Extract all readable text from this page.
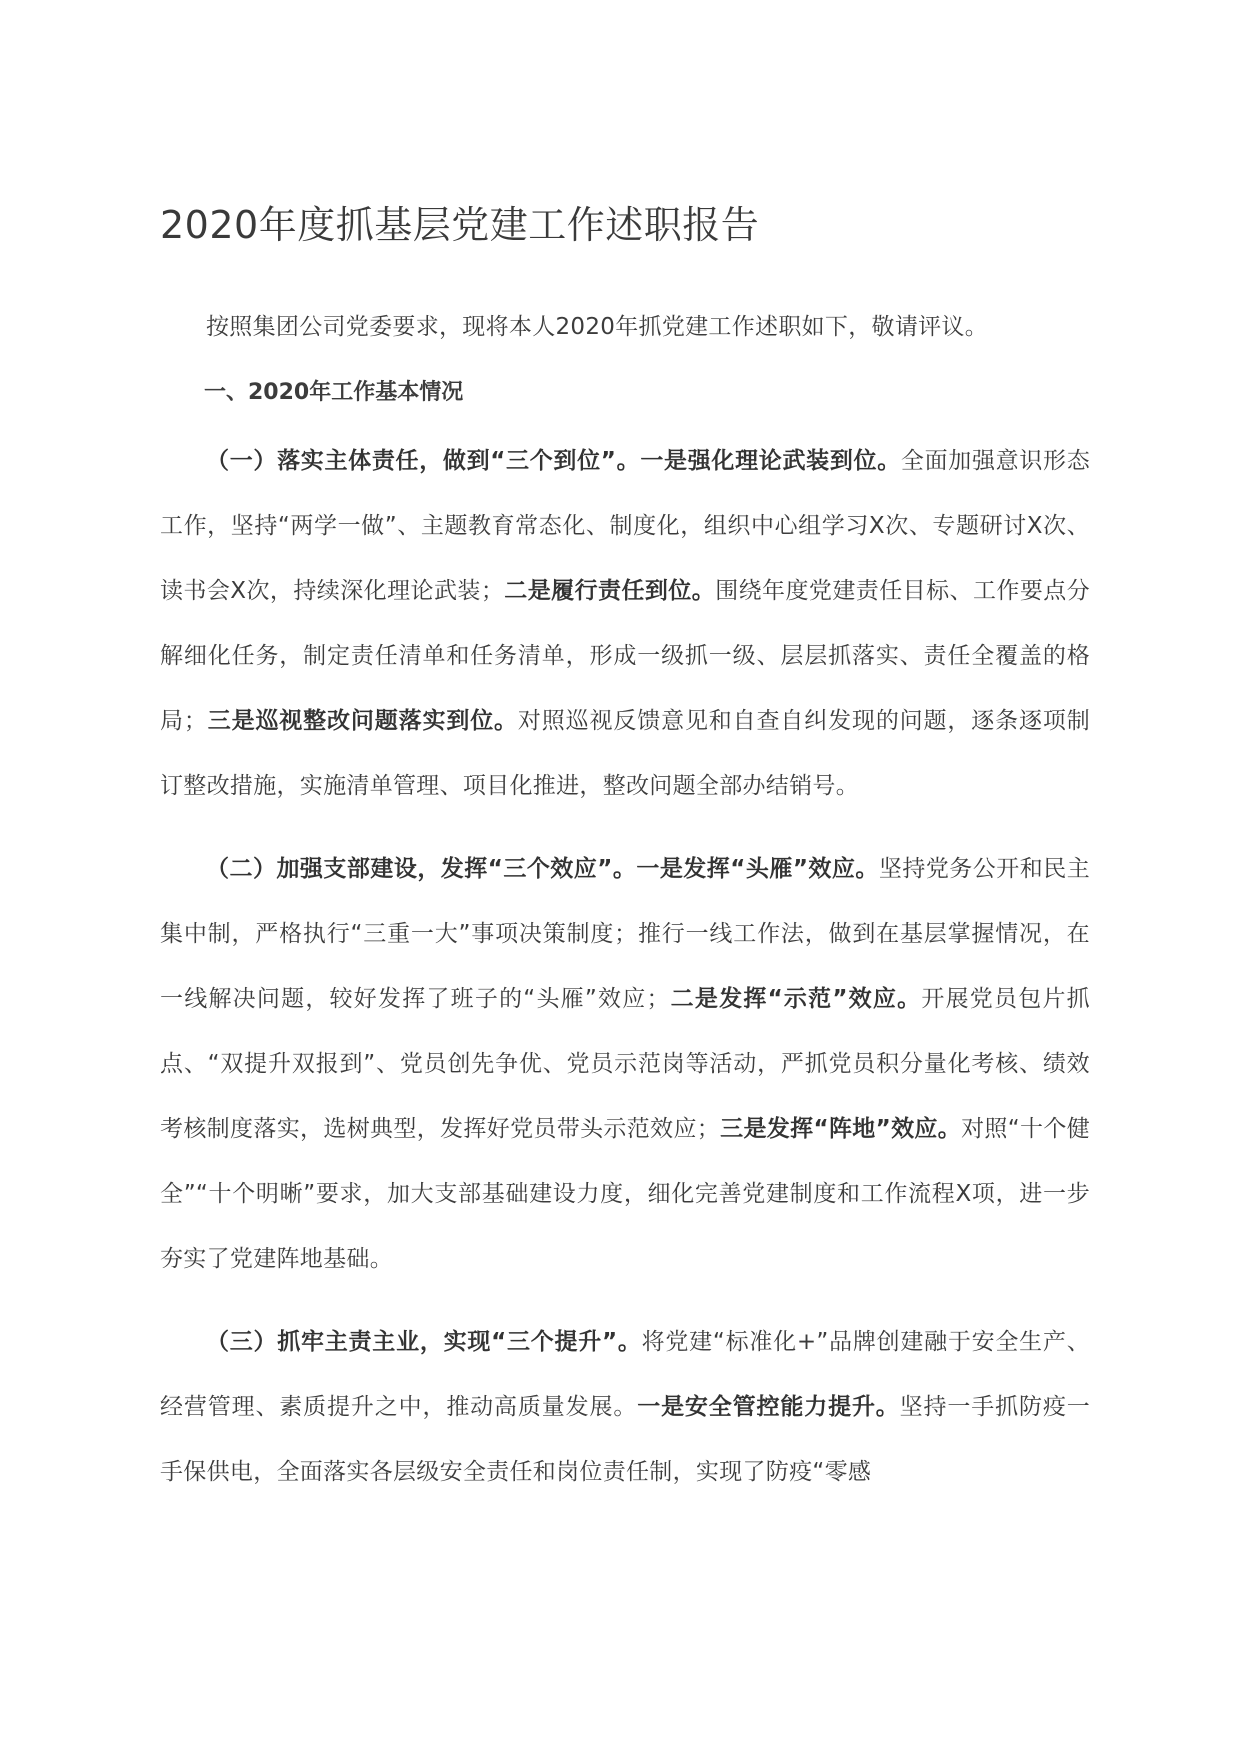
2020年度抓基层党建工作述职报告

按照集团公司党委要求，现将本人2020年抓党建工作述职如下，敬请评议。

一、2020年工作基本情况

（一）落实主体责任，做到“三个到位”。一是强化理论武装到位。全面加强意识形态工作，坚持“两学一做”、主题教育常态化、制度化，组织中心组学习X次、专题研讨X次、读书会X次，持续深化理论武装；二是履行责任到位。围绕年度党建责任目标、工作要点分解细化任务，制定责任清单和任务清单，形成一级抓一级、层层抓落实、责任全覆盖的格局；三是巡视整改问题落实到位。对照巡视反馈意见和自查自纠发现的问题，逐条逐项制订整改措施，实施清单管理、项目化推进，整改问题全部办结销号。

（二）加强支部建设，发挥“三个效应”。一是发挥“头雁”效应。坚持党务公开和民主集中制，严格执行“三重一大”事项决策制度；推行一线工作法，做到在基层掌握情况，在一线解决问题，较好发挥了班子的“头雁”效应；二是发挥“示范”效应。开展党员包片抓点、“双提升双报到”、党员创先争优、党员示范岗等活动，严抓党员积分量化考核、绩效考核制度落实，选树典型，发挥好党员带头示范效应；三是发挥“阵地”效应。对照“十个健全”“十个明晰”要求，加大支部基础建设力度，细化完善党建制度和工作流程X项，进一步夯实了党建阵地基础。

（三）抓牢主责主业，实现“三个提升”。将党建“标准化+”品牌创建融于安全生产、经营管理、素质提升之中，推动高质量发展。一是安全管控能力提升。坚持一手抓防疫一手保供电，全面落实各层级安全责任和岗位责任制，实现了防疫“零感
